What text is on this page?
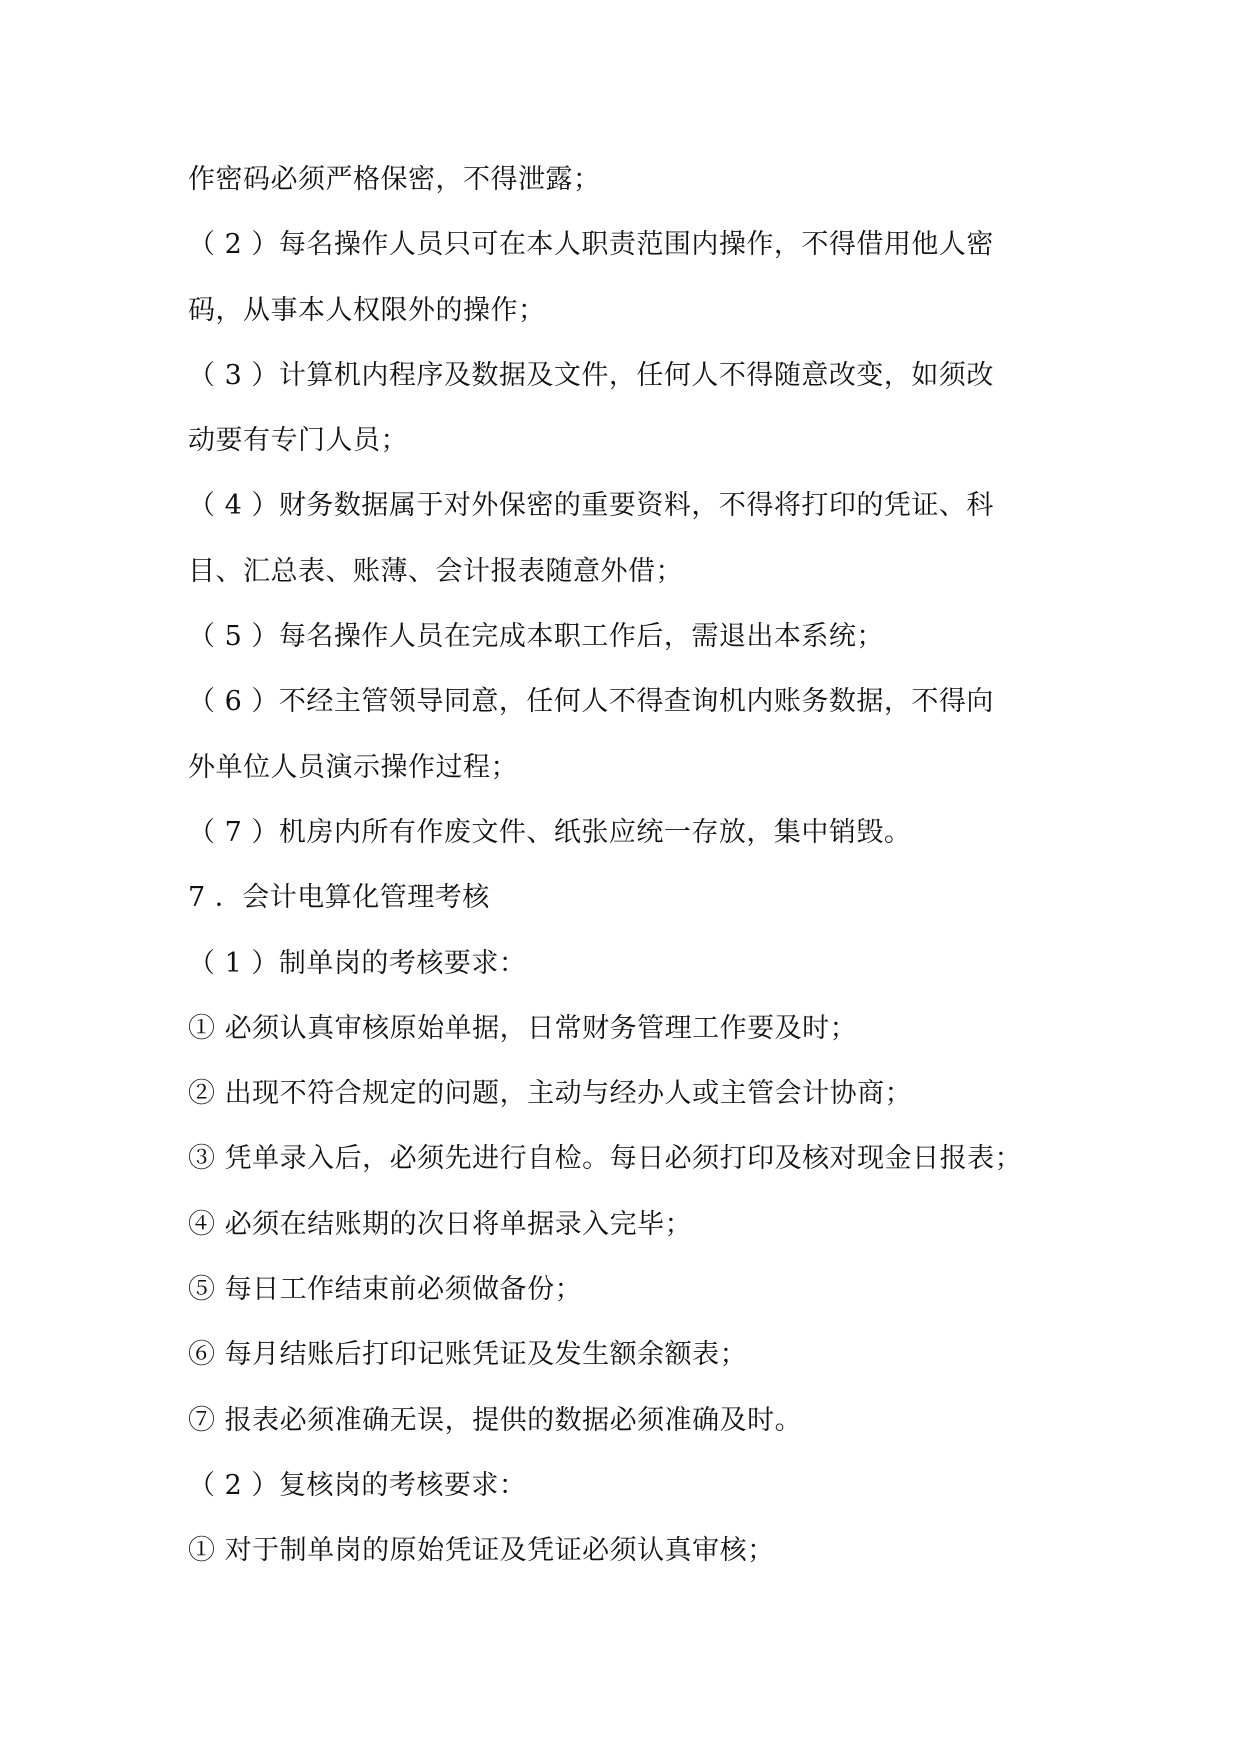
作密码必须严格保密，不得泄露；
（ 2 ）每名操作人员只可在本人职责范围内操作，不得借用他人密
码，从事本人权限外的操作；
（ 3 ）计算机内程序及数据及文件，任何人不得随意改变，如须改
动要有专门人员；
（ 4 ）财务数据属于对外保密的重要资料，不得将打印的凭证、科
目、汇总表、账薄、会计报表随意外借；
（ 5 ）每名操作人员在完成本职工作后，需退出本系统；
（ 6 ）不经主管领导同意，任何人不得查询机内账务数据，不得向
外单位人员演示操作过程；
（ 7 ）机房内所有作废文件、纸张应统一存放，集中销毁。
7 ．会计电算化管理考核
（ 1 ）制单岗的考核要求：
① 必须认真审核原始单据，日常财务管理工作要及时；
② 出现不符合规定的问题，主动与经办人或主管会计协商；
③ 凭单录入后，必须先进行自检。每日必须打印及核对现金日报表；
④ 必须在结账期的次日将单据录入完毕；
⑤ 每日工作结束前必须做备份；
⑥ 每月结账后打印记账凭证及发生额余额表；
⑦ 报表必须准确无误，提供的数据必须准确及时。
（ 2 ）复核岗的考核要求：
① 对于制单岗的原始凭证及凭证必须认真审核；
